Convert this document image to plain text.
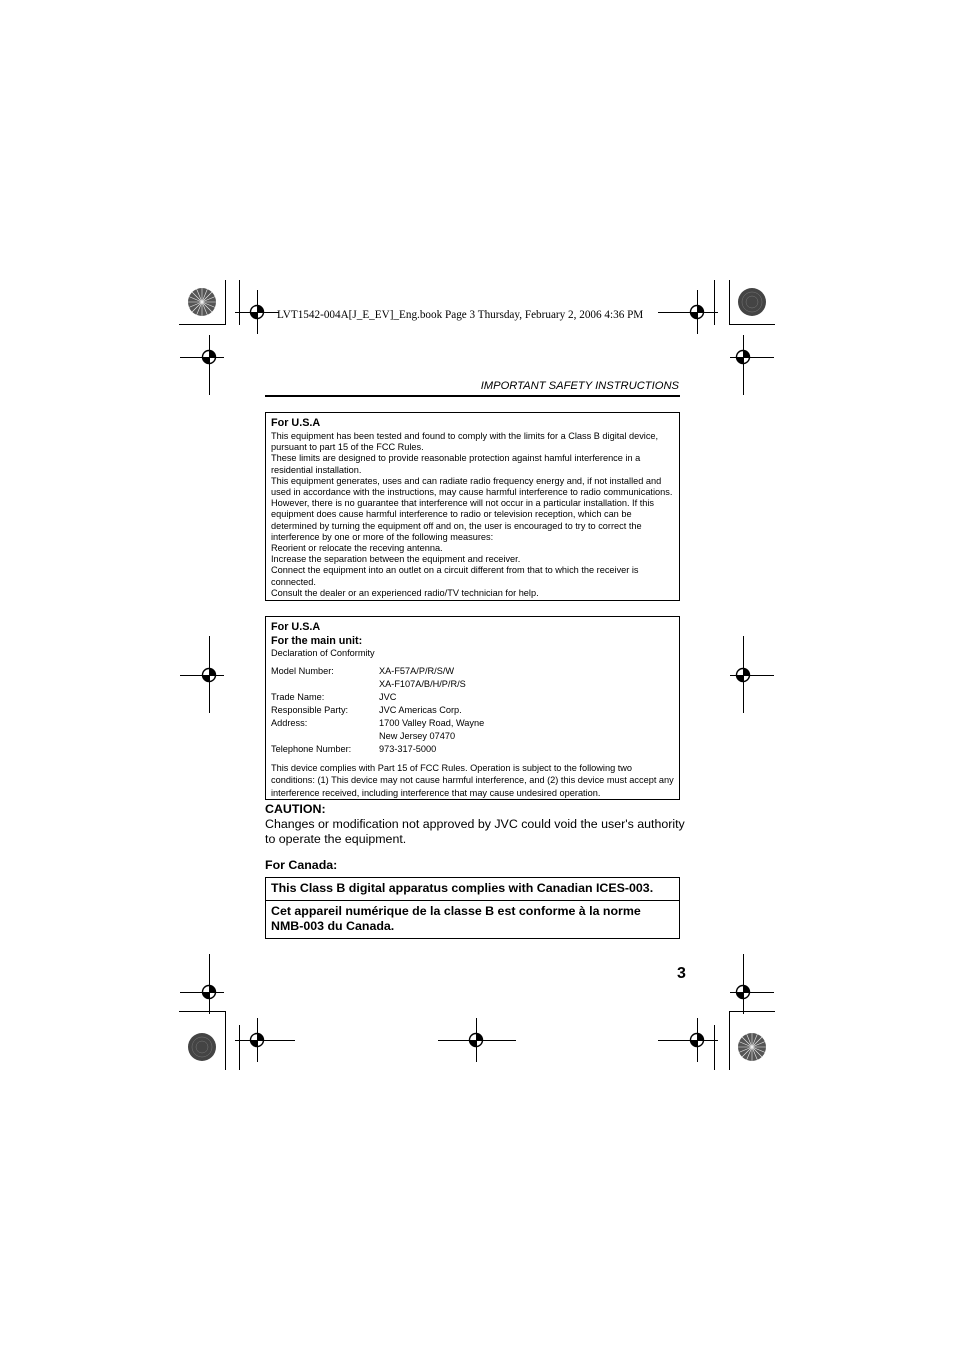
LVT1542-004A[J_E_EV]_Eng.book Page 3 Thursday, February 2, 2006 4:36 PM
IMPORTANT SAFETY INSTRUCTIONS
For U.S.A
This equipment has been tested and found to comply with the limits for a Class B digital device, pursuant to part 15 of the FCC Rules.
These limits are designed to provide reasonable protection against hamful interference in a residential installation.
This equipment generates, uses and can radiate radio frequency energy and, if not installed and used in accordance with the instructions, may cause harmful interference to radio communications. However, there is no guarantee that interference will not occur in a particular installation. If this equipment does cause harmful interference to radio or television reception, which can be determined by turning the equipment off and on, the user is encouraged to try to correct the interference by one or more of the following measures:
Reorient or relocate the receving antenna.
Increase the separation between the equipment and receiver.
Connect the equipment into an outlet on a circuit different from that to which the receiver is connected.
Consult the dealer or an experienced radio/TV technician for help.
For U.S.A
For the main unit:
Declaration of Conformity
Model Number:	XA-F57A/P/R/S/W
XA-F107A/B/H/P/R/S
Trade Name:	JVC
Responsible Party:	JVC Americas Corp.
Address:	1700 Valley Road, Wayne
New Jersey 07470
Telephone Number:	973-317-5000
This device complies with Part 15 of FCC Rules. Operation is subject to the following two conditions: (1) This device may not cause harmful interference, and (2) this device must accept any interference received, including interference that may cause undesired operation.
CAUTION:
Changes or modification not approved by JVC could void the user's authority to operate the equipment.
For Canada:
This Class B digital apparatus complies with Canadian ICES-003.
Cet appareil numérique de la classe B est conforme à la norme NMB-003 du Canada.
3
